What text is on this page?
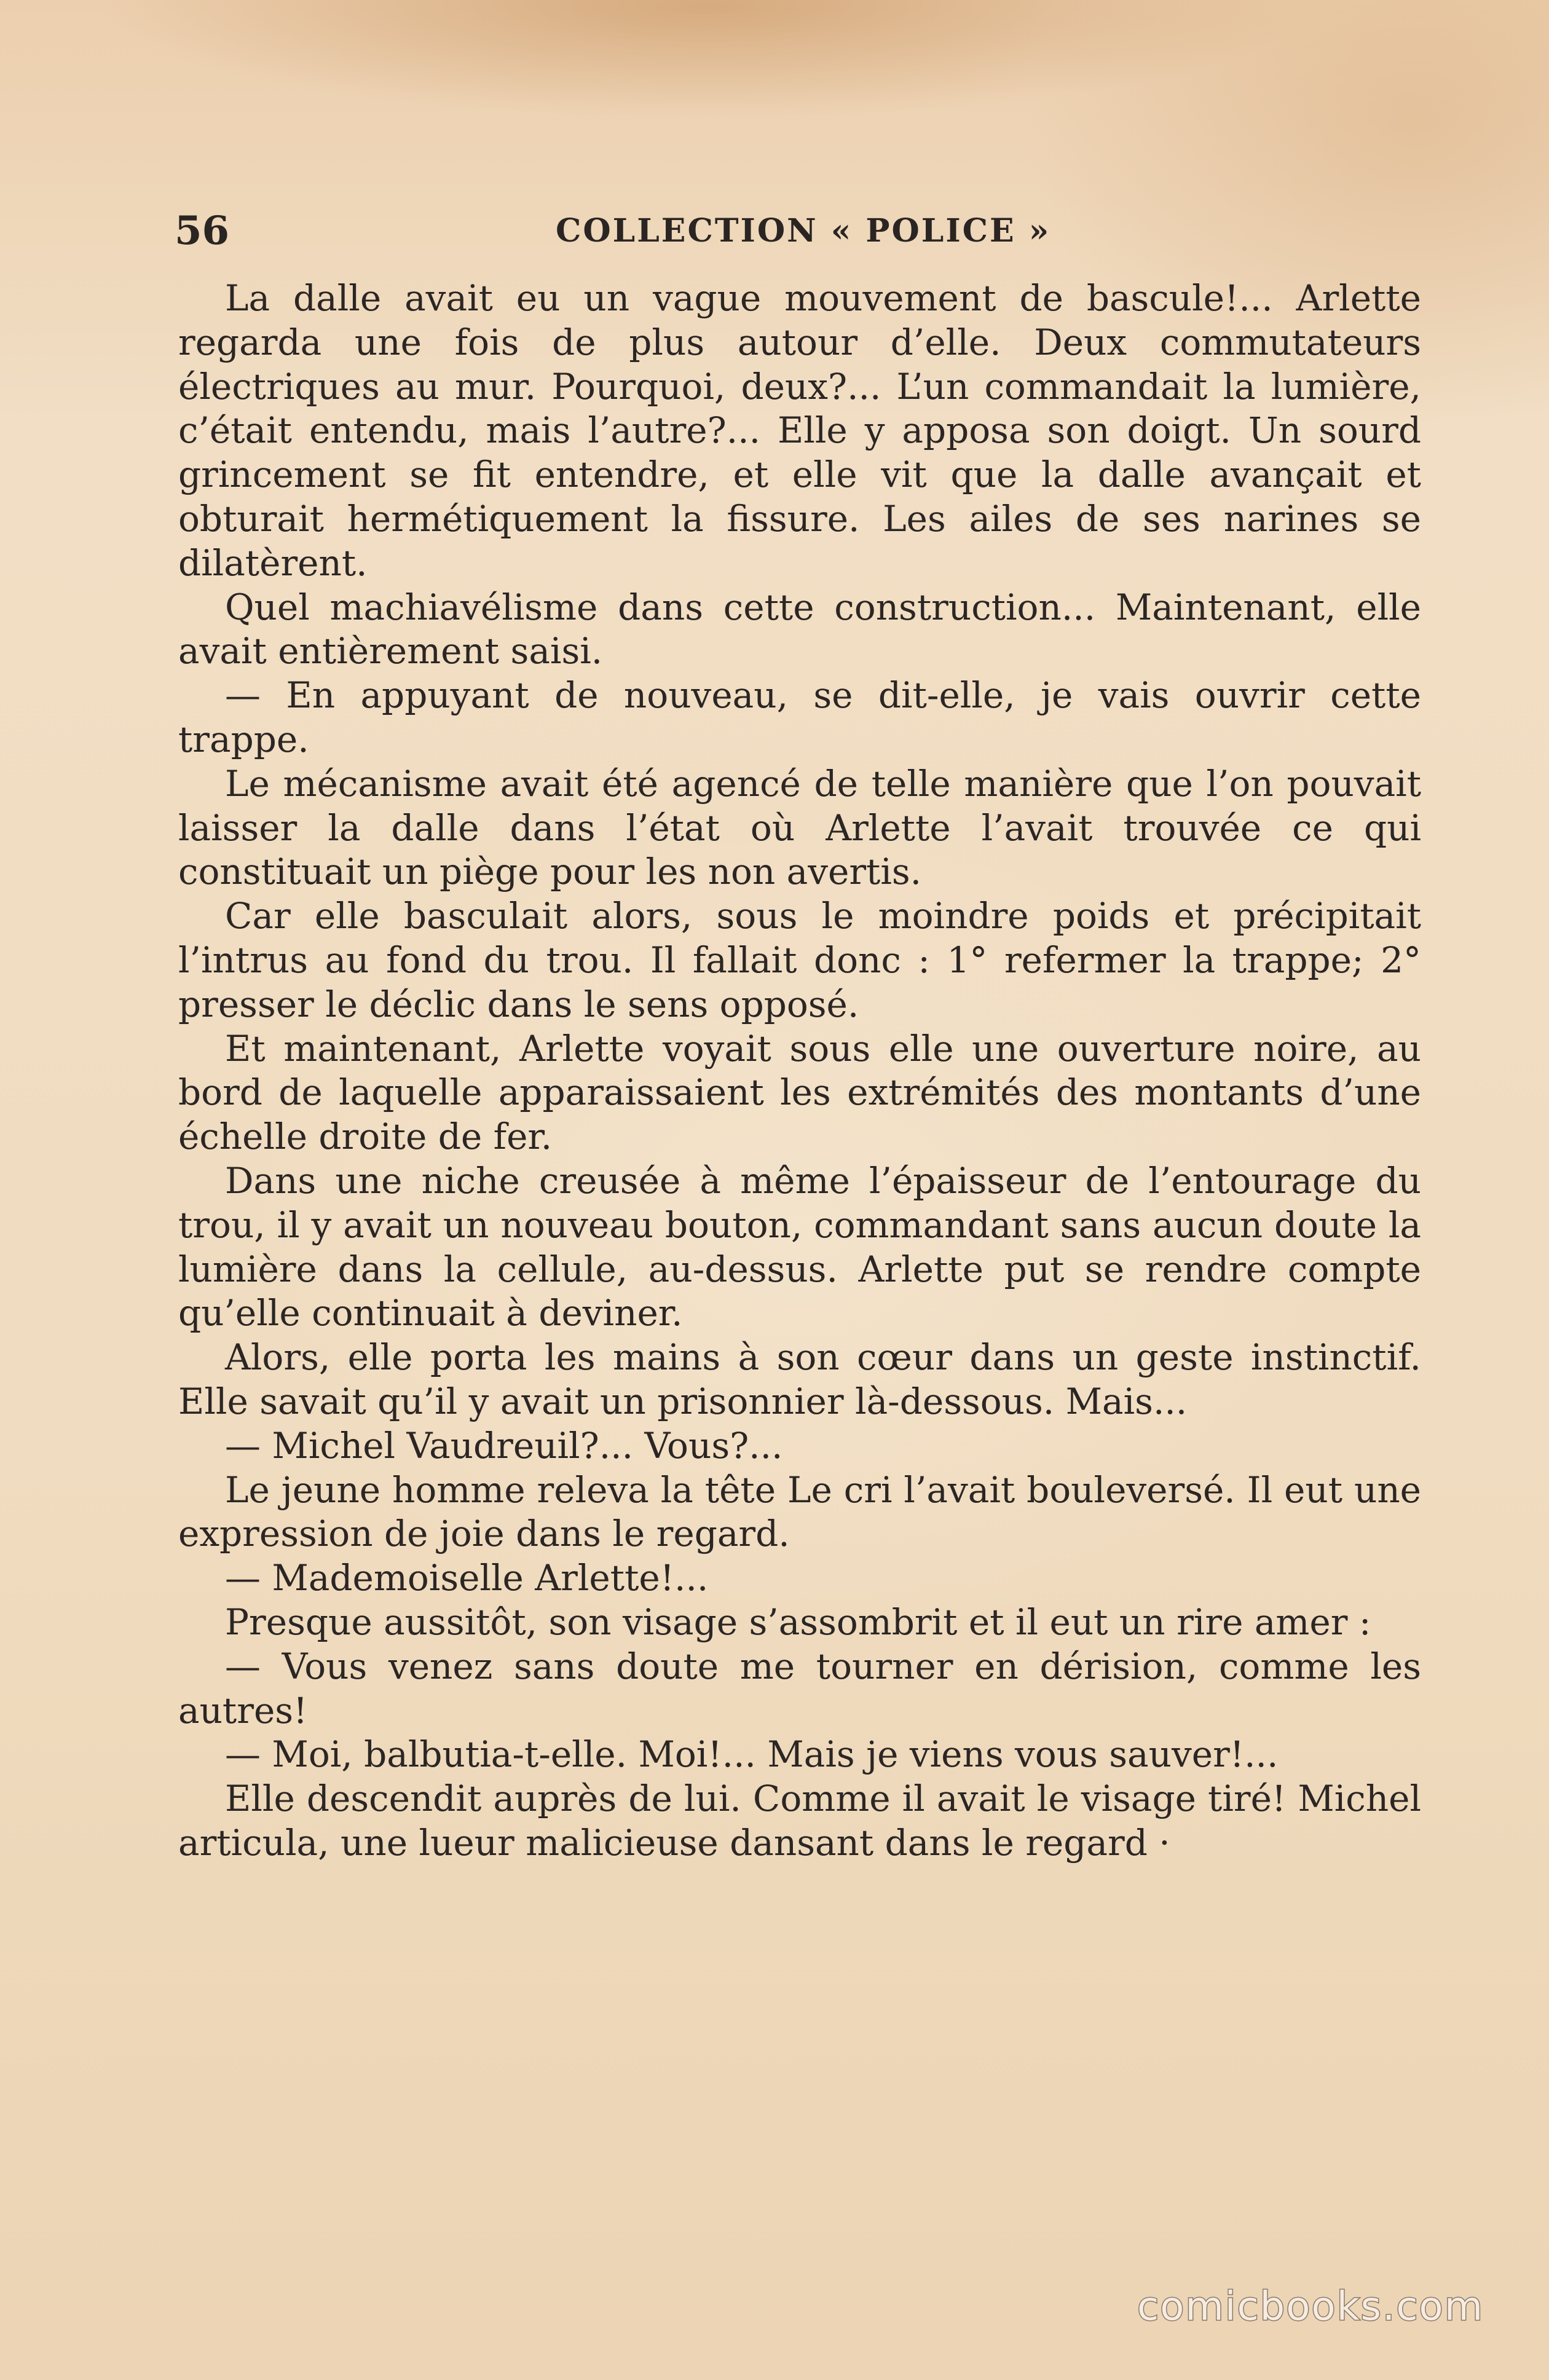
56	COLLECTION « POLICE »

La dalle avait eu un vague mouvement de bascule!... Arlette regarda une fois de plus autour d’elle. Deux commutateurs électriques au mur. Pourquoi, deux?... L’un commandait la lumière, c’était entendu, mais l’autre?... Elle y apposa son doigt. Un sourd grincement se fit entendre, et elle vit que la dalle avançait et obturait hermétiquement la fissure. Les ailes de ses narines se dilatèrent.

Quel machiavélisme dans cette construction... Maintenant, elle avait entièrement saisi.

— En appuyant de nouveau, se dit-elle, je vais ouvrir cette trappe.

Le mécanisme avait été agencé de telle manière que l’on pouvait laisser la dalle dans l’état où Arlette l’avait trouvée ce qui constituait un piège pour les non avertis.

Car elle basculait alors, sous le moindre poids et précipitait l’intrus au fond du trou. Il fallait donc : 1° refermer la trappe; 2° presser le déclic dans le sens opposé.

Et maintenant, Arlette voyait sous elle une ouverture noire, au bord de laquelle apparaissaient les extrémités des montants d’une échelle droite de fer.

Dans une niche creusée à même l’épaisseur de l’entourage du trou, il y avait un nouveau bouton, commandant sans aucun doute la lumière dans la cellule, au-dessus. Arlette put se rendre compte qu’elle continuait à deviner.

Alors, elle porta les mains à son cœur dans un geste instinctif. Elle savait qu’il y avait un prisonnier là-dessous. Mais...

— Michel Vaudreuil?... Vous?...

Le jeune homme releva la tête Le cri l’avait bouleversé. Il eut une expression de joie dans le regard.

— Mademoiselle Arlette!...

Presque aussitôt, son visage s’assombrit et il eut un rire amer :

— Vous venez sans doute me tourner en dérision, comme les autres!

— Moi, balbutia-t-elle. Moi!... Mais je viens vous sauver!...

Elle descendit auprès de lui. Comme il avait le visage tiré! Michel articula, une lueur malicieuse dansant dans le regard ·

comicbooks.com
